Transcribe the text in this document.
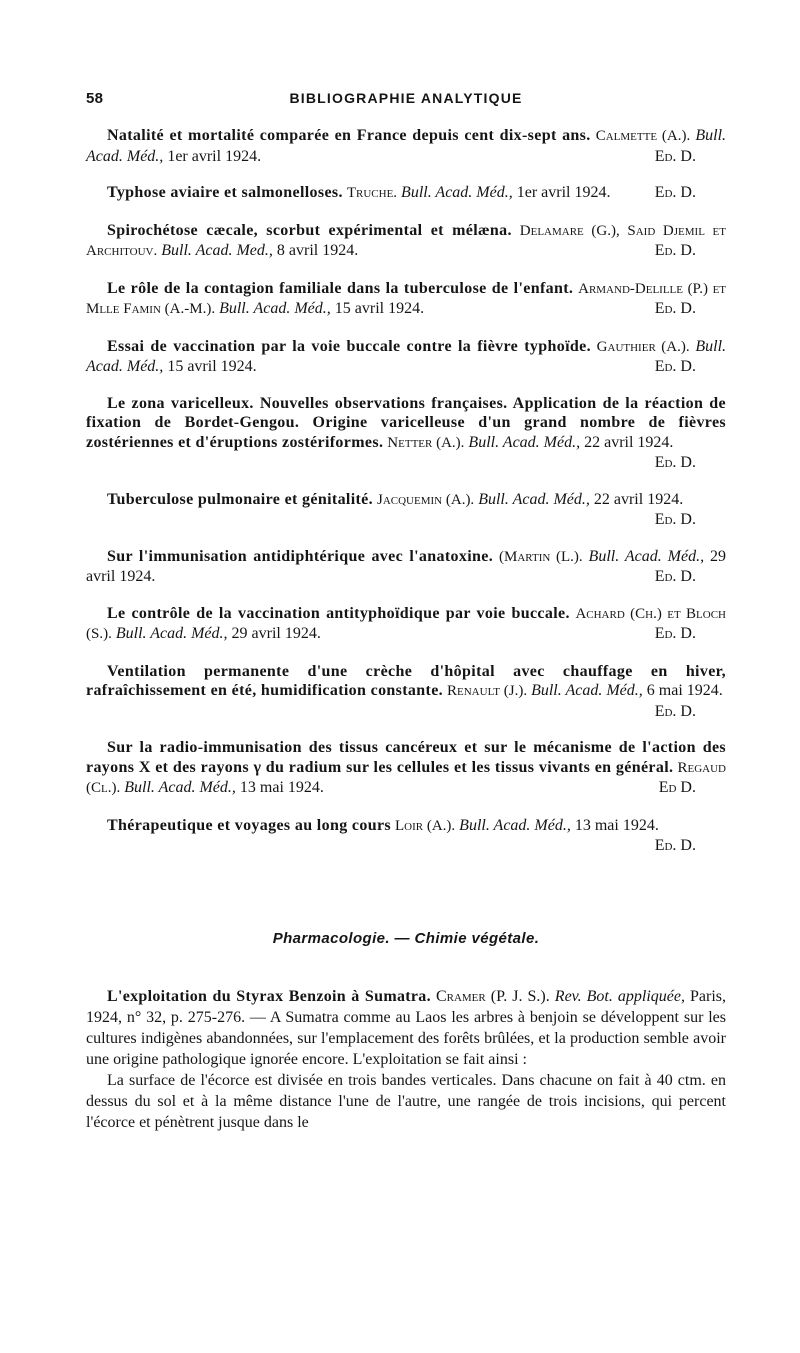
58	BIBLIOGRAPHIE ANALYTIQUE

Natalité et mortalité comparée en France depuis cent dix-sept ans. Calmette (A.). Bull. Acad. Méd., 1er avril 1924.	Ed. D.

Typhose aviaire et salmonelloses. Truche. Bull. Acad. Méd., 1er avril 1924.	Ed. D.

Spirochétose cæcale, scorbut expérimental et mélæna. Delamare (G.), Said Djemil et Architouv. Bull. Acad. Med., 8 avril 1924.	Ed. D.

Le rôle de la contagion familiale dans la tuberculose de l'enfant. Armand-Delille (P.) et Mlle Famin (A.-M.). Bull. Acad. Méd., 15 avril 1924.	Ed. D.

Essai de vaccination par la voie buccale contre la fièvre typhoïde. Gauthier (A.). Bull. Acad. Méd., 15 avril 1924.	Ed. D.

Le zona varicelleux. Nouvelles observations françaises. Application de la réaction de fixation de Bordet-Gengou. Origine varicelleuse d'un grand nombre de fièvres zostériennes et d'éruptions zostériformes. Netter (A.). Bull. Acad. Méd., 22 avril 1924.
Ed. D.

Tuberculose pulmonaire et génitalité. Jacquemin (A.). Bull. Acad. Méd., 22 avril 1924.
Ed. D.

Sur l'immunisation antidiphtérique avec l'anatoxine. (Martin (L.). Bull. Acad. Méd., 29 avril 1924.	Ed. D.

Le contrôle de la vaccination antityphoïdique par voie buccale. Achard (Ch.) et Bloch (S.). Bull. Acad. Méd., 29 avril 1924.	Ed. D.

Ventilation permanente d'une crèche d'hôpital avec chauffage en hiver, rafraîchissement en été, humidification constante. Renault (J.). Bull. Acad. Méd., 6 mai 1924.
Ed. D.

Sur la radio-immunisation des tissus cancéreux et sur le mécanisme de l'action des rayons X et des rayons γ du radium sur les cellules et les tissus vivants en général. Regaud (Cl.). Bull. Acad. Méd., 13 mai 1924.	Ed D.

Thérapeutique et voyages au long cours Loir (A.). Bull. Acad. Méd., 13 mai 1924.
Ed. D.

Pharmacologie. — Chimie végétale.

L'exploitation du Styrax Benzoin à Sumatra. Cramer (P. J. S.). Rev. Bot. appliquée, Paris, 1924, n° 32, p. 275-276. — A Sumatra comme au Laos les arbres à benjoin se développent sur les cultures indigènes abandonnées, sur l'emplacement des forêts brûlées, et la production semble avoir une origine pathologique ignorée encore. L'exploitation se fait ainsi :

La surface de l'écorce est divisée en trois bandes verticales. Dans chacune on fait à 40 ctm. en dessus du sol et à la même distance l'une de l'autre, une rangée de trois incisions, qui percent l'écorce et pénètrent jusque dans le
